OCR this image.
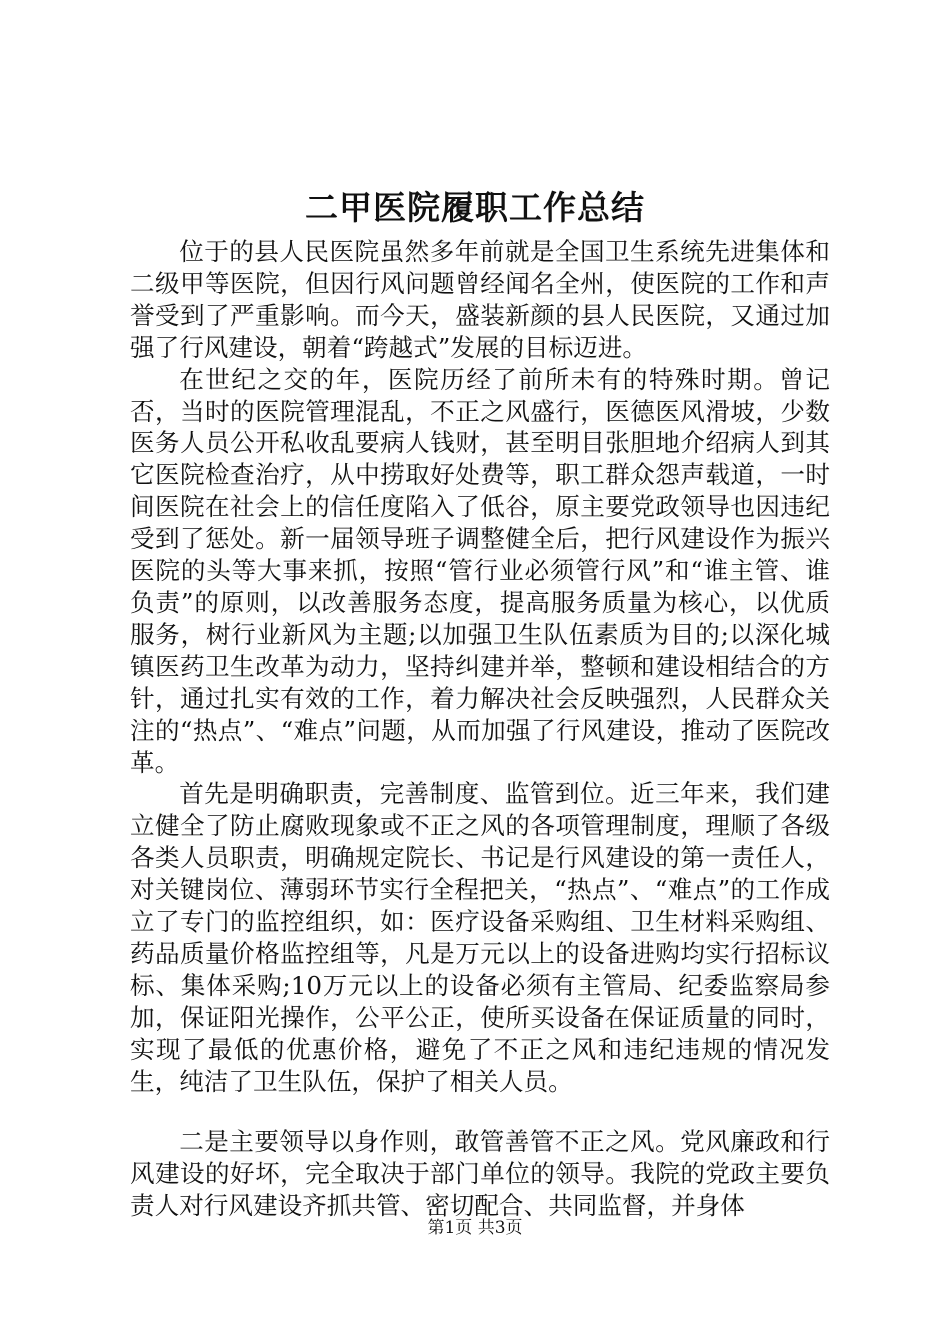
二甲医院履职工作总结

位于的县人民医院虽然多年前就是全国卫生系统先进集体和二级甲等医院，但因行风问题曾经闻名全州，使医院的工作和声誉受到了严重影响。而今天，盛装新颜的县人民医院，又通过加强了行风建设，朝着“跨越式”发展的目标迈进。

在世纪之交的年，医院历经了前所未有的特殊时期。曾记否，当时的医院管理混乱，不正之风盛行，医德医风滑坡，少数医务人员公开私收乱要病人钱财，甚至明目张胆地介绍病人到其它医院检查治疗，从中捞取好处费等，职工群众怨声载道，一时间医院在社会上的信任度陷入了低谷，原主要党政领导也因违纪受到了惩处。新一届领导班子调整健全后，把行风建设作为振兴医院的头等大事来抓，按照“管行业必须管行风”和“谁主管、谁负责”的原则，以改善服务态度，提高服务质量为核心，以优质服务，树行业新风为主题;以加强卫生队伍素质为目的;以深化城镇医药卫生改革为动力，坚持纠建并举，整顿和建设相结合的方针，通过扎实有效的工作，着力解决社会反映强烈，人民群众关注的“热点”、“难点”问题，从而加强了行风建设，推动了医院改革。

首先是明确职责，完善制度、监管到位。近三年来，我们建立健全了防止腐败现象或不正之风的各项管理制度，理顺了各级各类人员职责，明确规定院长、书记是行风建设的第一责任人，对关键岗位、薄弱环节实行全程把关，“热点”、“难点”的工作成立了专门的监控组织，如：医疗设备采购组、卫生材料采购组、药品质量价格监控组等，凡是万元以上的设备进购均实行招标议标、集体采购;10万元以上的设备必须有主管局、纪委监察局参加，保证阳光操作，公平公正，使所买设备在保证质量的同时，实现了最低的优惠价格，避免了不正之风和违纪违规的情况发生，纯洁了卫生队伍，保护了相关人员。

二是主要领导以身作则，敢管善管不正之风。党风廉政和行风建设的好坏，完全取决于部门单位的领导。我院的党政主要负责人对行风建设齐抓共管、密切配合、共同监督，并身体

第1页 共3页
